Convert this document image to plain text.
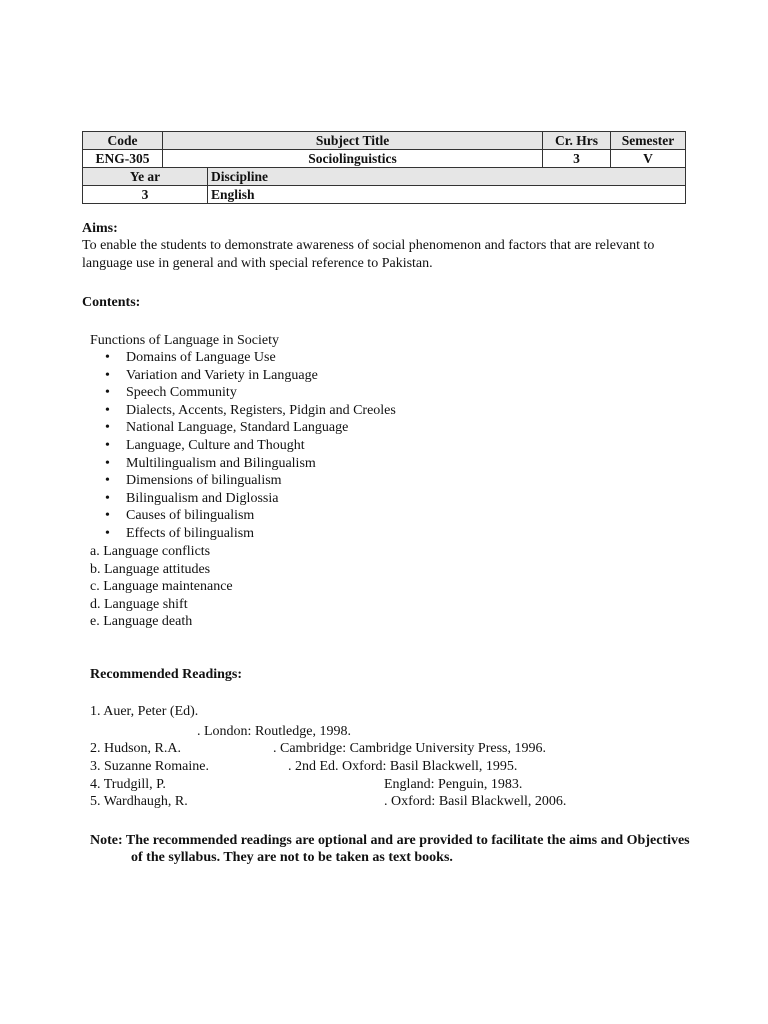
Code	Subject Title		Cr. Hrs	Semester
ENG-305	Sociolinguistics		3	V
Ye ar		Discipline		
3		English		
Aims:
To enable the students to demonstrate awareness of social phenomenon and factors that are relevant to language use in general and with special reference to Pakistan.
Contents:
Functions of Language in Society
• Domains of Language Use
• Variation and Variety in Language
• Speech Community
• Dialects, Accents, Registers, Pidgin and Creoles
• National Language, Standard Language
• Language, Culture and Thought
• Multilingualism and Bilingualism
• Dimensions of bilingualism
• Bilingualism and Diglossia
• Causes of bilingualism
• Effects of bilingualism
a. Language conflicts
b. Language attitudes
c. Language maintenance
d. Language shift
e. Language death
Recommended Readings:
1. Auer, Peter (Ed).
. London: Routledge, 1998.
2. Hudson, R.A.	. Cambridge: Cambridge University Press, 1996.
3. Suzanne Romaine.	. 2nd Ed. Oxford: Basil Blackwell, 1995.
4. Trudgill, P.	England: Penguin, 1983.
5. Wardhaugh, R.	. Oxford: Basil Blackwell, 2006.
Note: The recommended readings are optional and are provided to facilitate the aims and Objectives
of the syllabus. They are not to be taken as text books.
